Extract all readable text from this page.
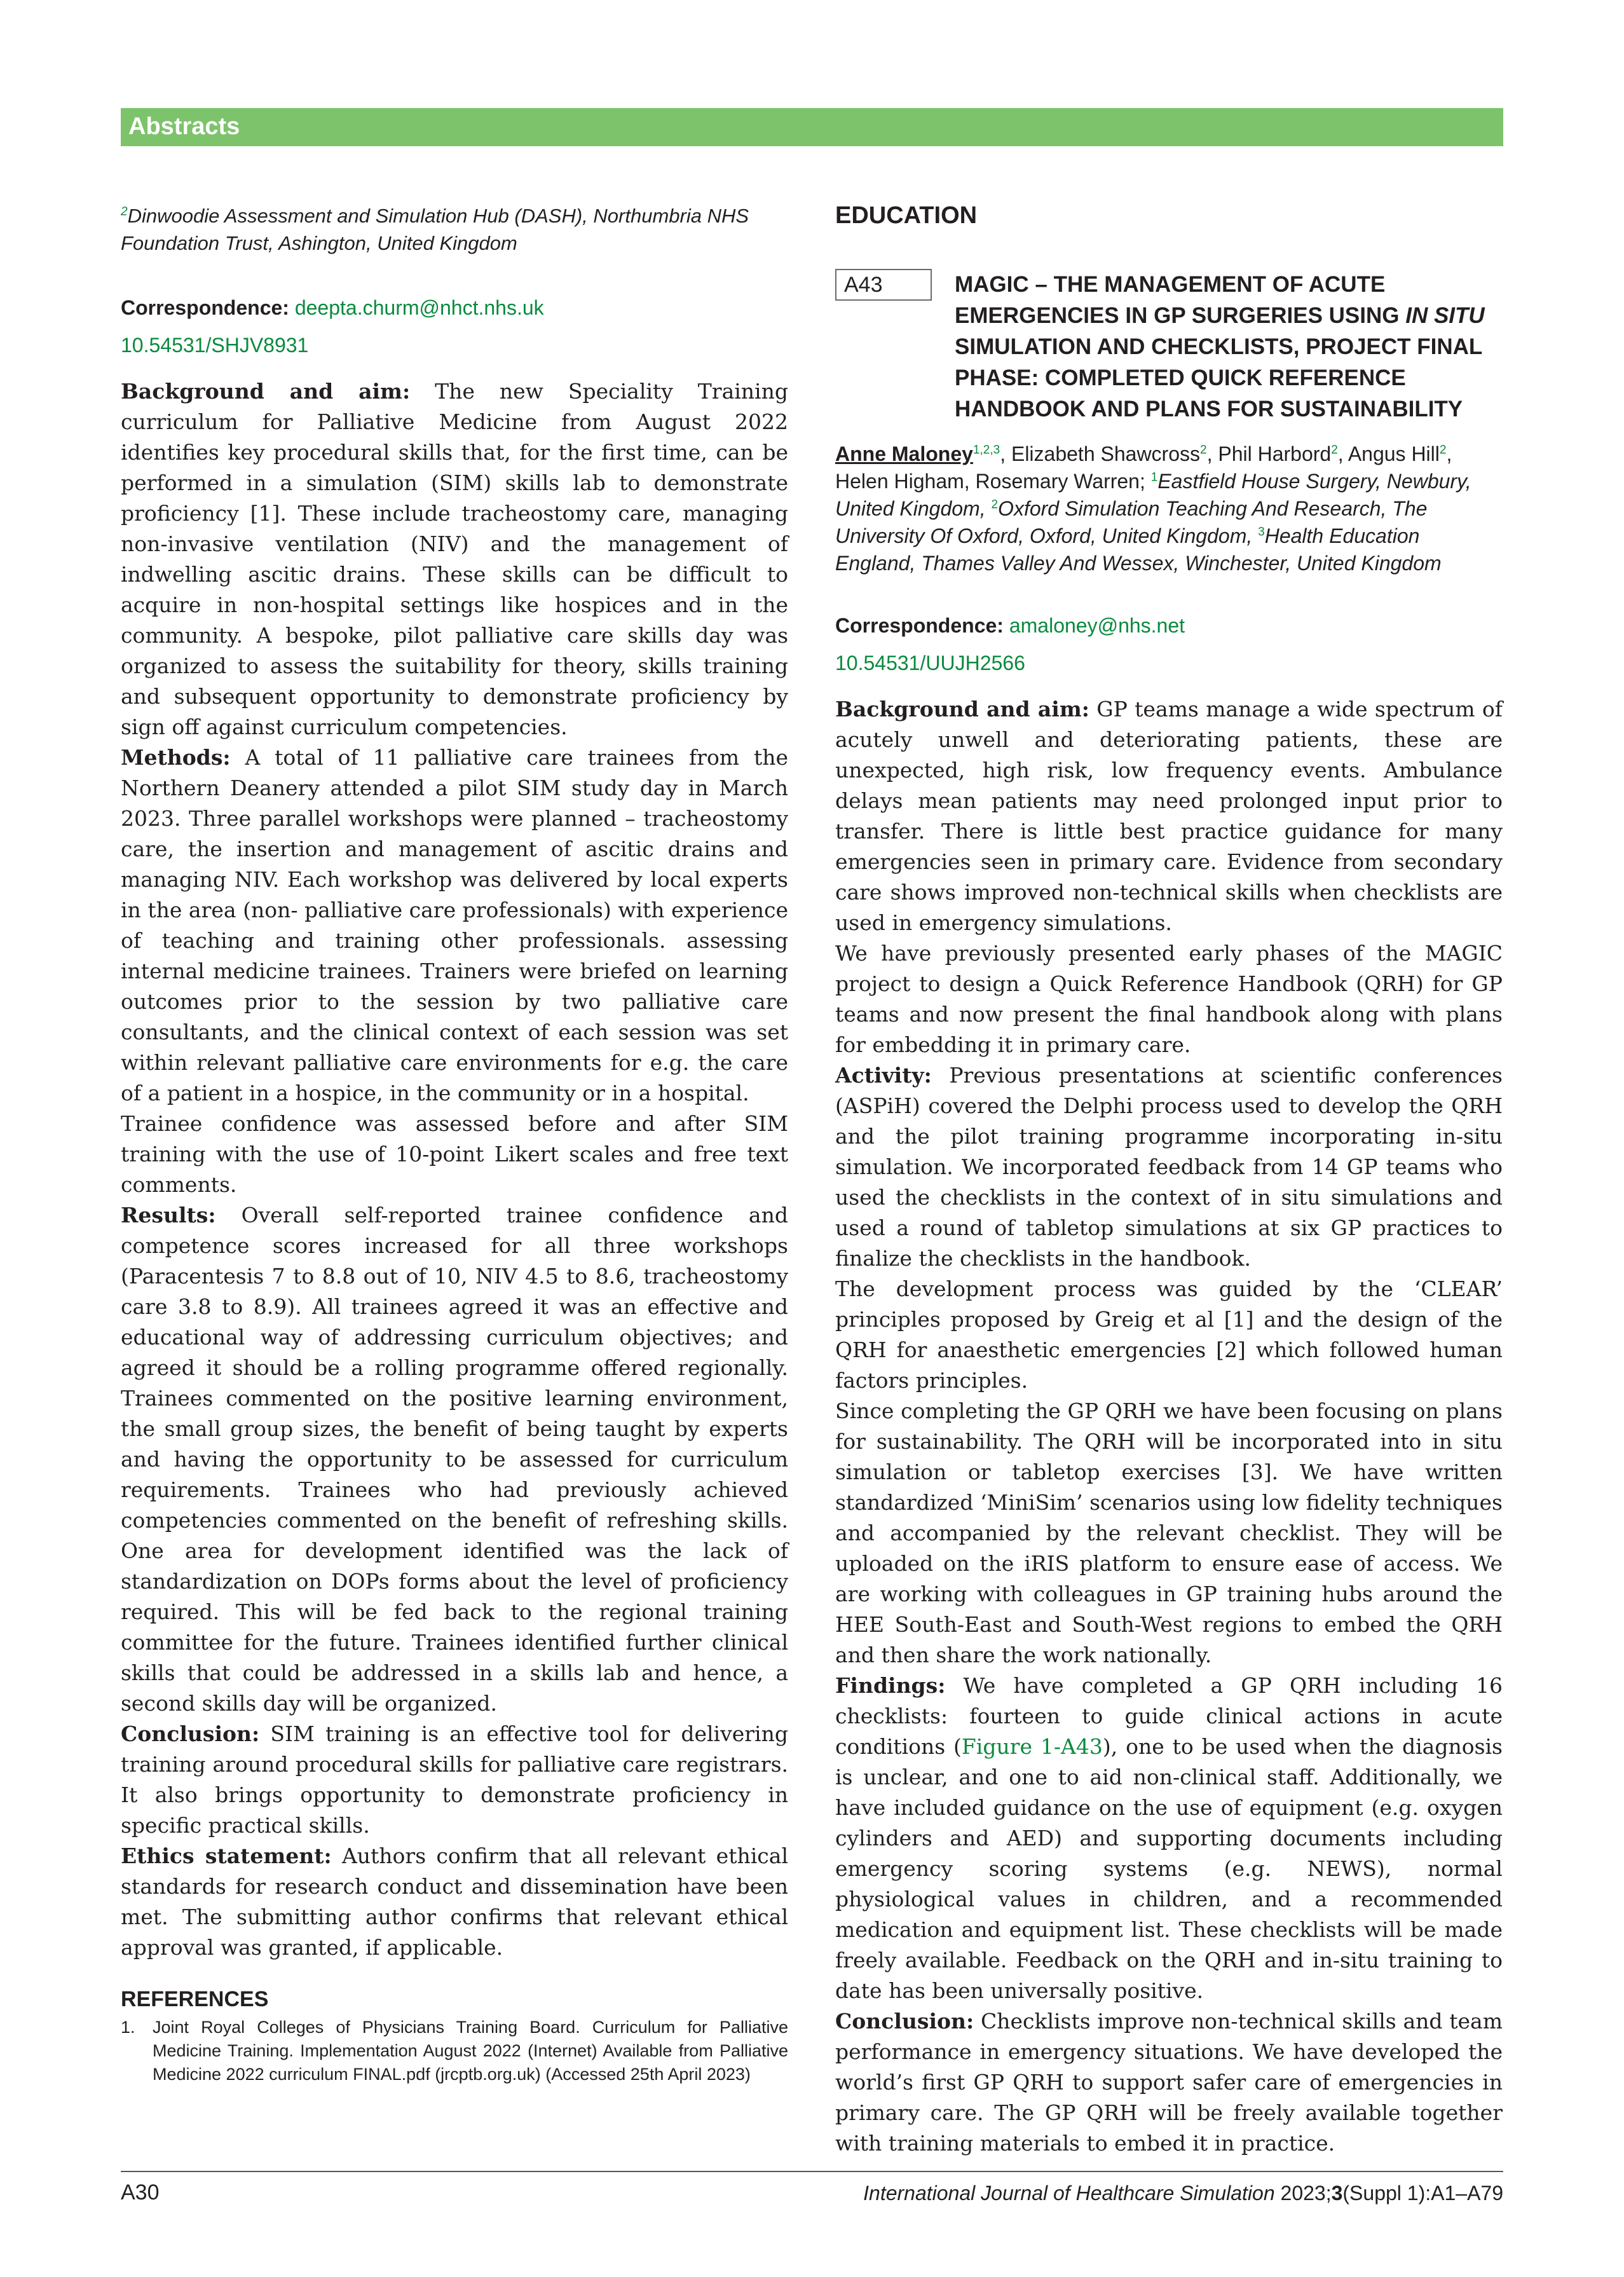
Abstracts

$^2$Dinwoodie Assessment and Simulation Hub (DASH), Northumbria NHS Foundation Trust, Ashington, United Kingdom

Correspondence: deepta.churm@nhct.nhs.uk

10.54531/SHJV8931

Background and aim: The new Speciality Training curriculum for Palliative Medicine from August 2022 identifies key procedural skills that, for the first time, can be performed in a simulation (SIM) skills lab to demonstrate proficiency [1]. These include tracheostomy care, managing non-invasive ventilation (NIV) and the management of indwelling ascitic drains. These skills can be difficult to acquire in non-hospital settings like hospices and in the community. A bespoke, pilot palliative care skills day was organized to assess the suitability for theory, skills training and subsequent opportunity to demonstrate proficiency by sign off against curriculum competencies.

Methods: A total of 11 palliative care trainees from the Northern Deanery attended a pilot SIM study day in March 2023. Three parallel workshops were planned – tracheostomy care, the insertion and management of ascitic drains and managing NIV. Each workshop was delivered by local experts in the area (non- palliative care professionals) with experience of teaching and training other professionals. assessing internal medicine trainees. Trainers were briefed on learning outcomes prior to the session by two palliative care consultants, and the clinical context of each session was set within relevant palliative care environments for e.g. the care of a patient in a hospice, in the community or in a hospital.

Trainee confidence was assessed before and after SIM training with the use of 10-point Likert scales and free text comments.

Results: Overall self-reported trainee confidence and competence scores increased for all three workshops (Paracentesis 7 to 8.8 out of 10, NIV 4.5 to 8.6, tracheostomy care 3.8 to 8.9). All trainees agreed it was an effective and educational way of addressing curriculum objectives; and agreed it should be a rolling programme offered regionally. Trainees commented on the positive learning environment, the small group sizes, the benefit of being taught by experts and having the opportunity to be assessed for curriculum requirements. Trainees who had previously achieved competencies commented on the benefit of refreshing skills. One area for development identified was the lack of standardization on DOPs forms about the level of proficiency required. This will be fed back to the regional training committee for the future. Trainees identified further clinical skills that could be addressed in a skills lab and hence, a second skills day will be organized.

Conclusion: SIM training is an effective tool for delivering training around procedural skills for palliative care registrars. It also brings opportunity to demonstrate proficiency in specific practical skills.

Ethics statement: Authors confirm that all relevant ethical standards for research conduct and dissemination have been met. The submitting author confirms that relevant ethical approval was granted, if applicable.

REFERENCES

1. Joint Royal Colleges of Physicians Training Board. Curriculum for Palliative Medicine Training. Implementation August 2022 (Internet) Available from Palliative Medicine 2022 curriculum FINAL.pdf (jrcptb.org.uk) (Accessed 25th April 2023)

EDUCATION

A43	MAGIC – THE MANAGEMENT OF ACUTE EMERGENCIES IN GP SURGERIES USING IN SITU SIMULATION AND CHECKLISTS, PROJECT FINAL PHASE: COMPLETED QUICK REFERENCE HANDBOOK AND PLANS FOR SUSTAINABILITY

Anne Maloney$^{1,2,3}$, Elizabeth Shawcross$^2$, Phil Harbord$^2$, Angus Hill$^2$, Helen Higham, Rosemary Warren; $^1$Eastfield House Surgery, Newbury, United Kingdom, $^2$Oxford Simulation Teaching And Research, The University Of Oxford, Oxford, United Kingdom, $^3$Health Education England, Thames Valley And Wessex, Winchester, United Kingdom

Correspondence: amaloney@nhs.net

10.54531/UUJH2566

Background and aim: GP teams manage a wide spectrum of acutely unwell and deteriorating patients, these are unexpected, high risk, low frequency events. Ambulance delays mean patients may need prolonged input prior to transfer. There is little best practice guidance for many emergencies seen in primary care. Evidence from secondary care shows improved non-technical skills when checklists are used in emergency simulations.

We have previously presented early phases of the MAGIC project to design a Quick Reference Handbook (QRH) for GP teams and now present the final handbook along with plans for embedding it in primary care.

Activity: Previous presentations at scientific conferences (ASPiH) covered the Delphi process used to develop the QRH and the pilot training programme incorporating in-situ simulation. We incorporated feedback from 14 GP teams who used the checklists in the context of in situ simulations and used a round of tabletop simulations at six GP practices to finalize the checklists in the handbook.

The development process was guided by the ‘CLEAR’ principles proposed by Greig et al [1] and the design of the QRH for anaesthetic emergencies [2] which followed human factors principles.

Since completing the GP QRH we have been focusing on plans for sustainability. The QRH will be incorporated into in situ simulation or tabletop exercises [3]. We have written standardized ‘MiniSim’ scenarios using low fidelity techniques and accompanied by the relevant checklist. They will be uploaded on the iRIS platform to ensure ease of access. We are working with colleagues in GP training hubs around the HEE South-East and South-West regions to embed the QRH and then share the work nationally.

Findings: We have completed a GP QRH including 16 checklists: fourteen to guide clinical actions in acute conditions (Figure 1-A43), one to be used when the diagnosis is unclear, and one to aid non-clinical staff. Additionally, we have included guidance on the use of equipment (e.g. oxygen cylinders and AED) and supporting documents including emergency scoring systems (e.g. NEWS), normal physiological values in children, and a recommended medication and equipment list. These checklists will be made freely available. Feedback on the QRH and in-situ training to date has been universally positive.

Conclusion: Checklists improve non-technical skills and team performance in emergency situations. We have developed the world’s first GP QRH to support safer care of emergencies in primary care. The GP QRH will be freely available together with training materials to embed it in practice.

A30	International Journal of Healthcare Simulation 2023;3(Suppl 1):A1–A79
